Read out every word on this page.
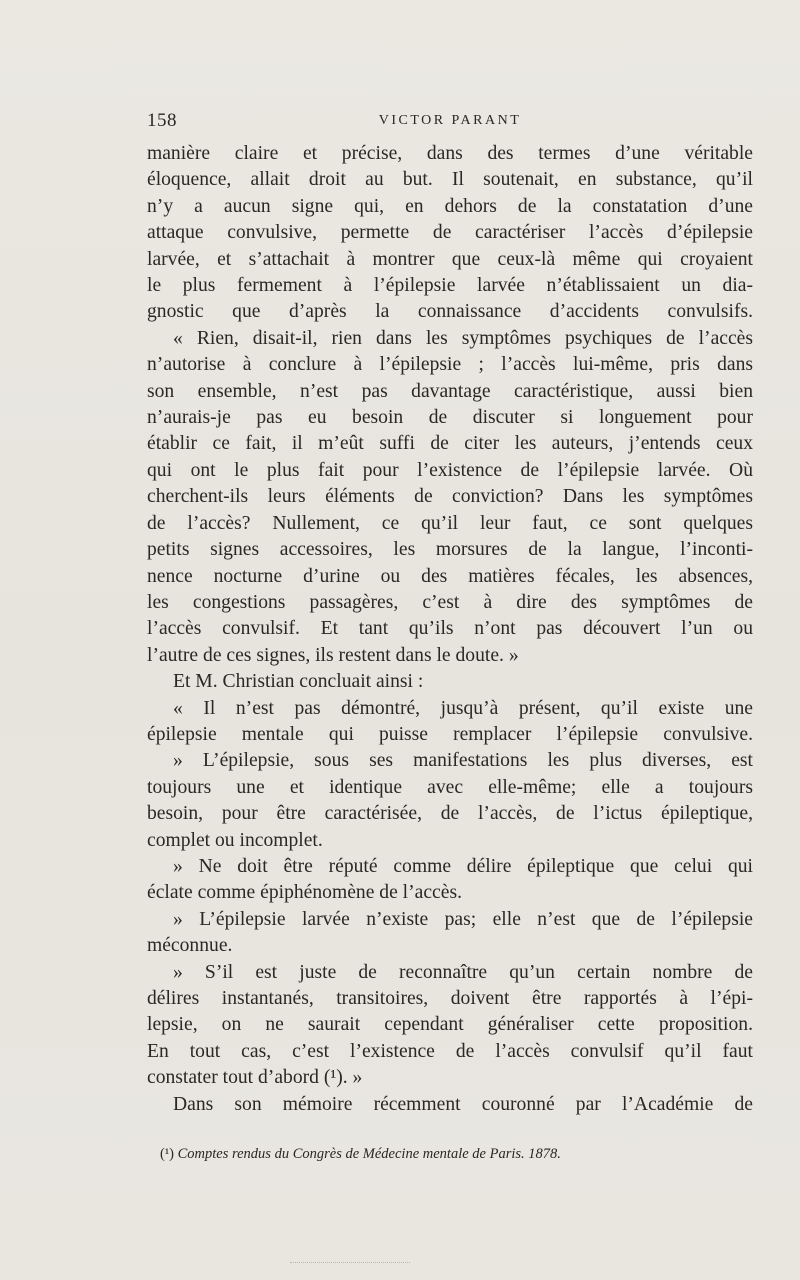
158	VICTOR PARANT
manière claire et précise, dans des termes d’une véritable
éloquence, allait droit au but. Il soutenait, en substance, qu’il
n’y a aucun signe qui, en dehors de la constatation d’une
attaque convulsive, permette de caractériser l’accès d’épilepsie
larvée, et s’attachait à montrer que ceux-là même qui croyaient
le plus fermement à l’épilepsie larvée n’établissaient un dia-
gnostic que d’après la connaissance d’accidents convulsifs.
« Rien, disait-il, rien dans les symptômes psychiques de l’accès
n’autorise à conclure à l’épilepsie ; l’accès lui-même, pris dans
son ensemble, n’est pas davantage caractéristique, aussi bien
n’aurais-je pas eu besoin de discuter si longuement pour
établir ce fait, il m’eût suffi de citer les auteurs, j’entends ceux
qui ont le plus fait pour l’existence de l’épilepsie larvée. Où
cherchent-ils leurs éléments de conviction? Dans les symptômes
de l’accès? Nullement, ce qu’il leur faut, ce sont quelques
petits signes accessoires, les morsures de la langue, l’inconti-
nence nocturne d’urine ou des matières fécales, les absences,
les congestions passagères, c’est à dire des symptômes de
l’accès convulsif. Et tant qu’ils n’ont pas découvert l’un ou
l’autre de ces signes, ils restent dans le doute. »
Et M. Christian concluait ainsi :
« Il n’est pas démontré, jusqu’à présent, qu’il existe une
épilepsie mentale qui puisse remplacer l’épilepsie convulsive.
» L’épilepsie, sous ses manifestations les plus diverses, est
toujours une et identique avec elle-même; elle a toujours
besoin, pour être caractérisée, de l’accès, de l’ictus épileptique,
complet ou incomplet.
» Ne doit être réputé comme délire épileptique que celui qui
éclate comme épiphénomène de l’accès.
» L’épilepsie larvée n’existe pas; elle n’est que de l’épilepsie
méconnue.
» S’il est juste de reconnaître qu’un certain nombre de
délires instantanés, transitoires, doivent être rapportés à l’épi-
lepsie, on ne saurait cependant généraliser cette proposition.
En tout cas, c’est l’existence de l’accès convulsif qu’il faut
constater tout d’abord (¹). »
Dans son mémoire récemment couronné par l’Académie de
(¹) Comptes rendus du Congrès de Médecine mentale de Paris. 1878.
